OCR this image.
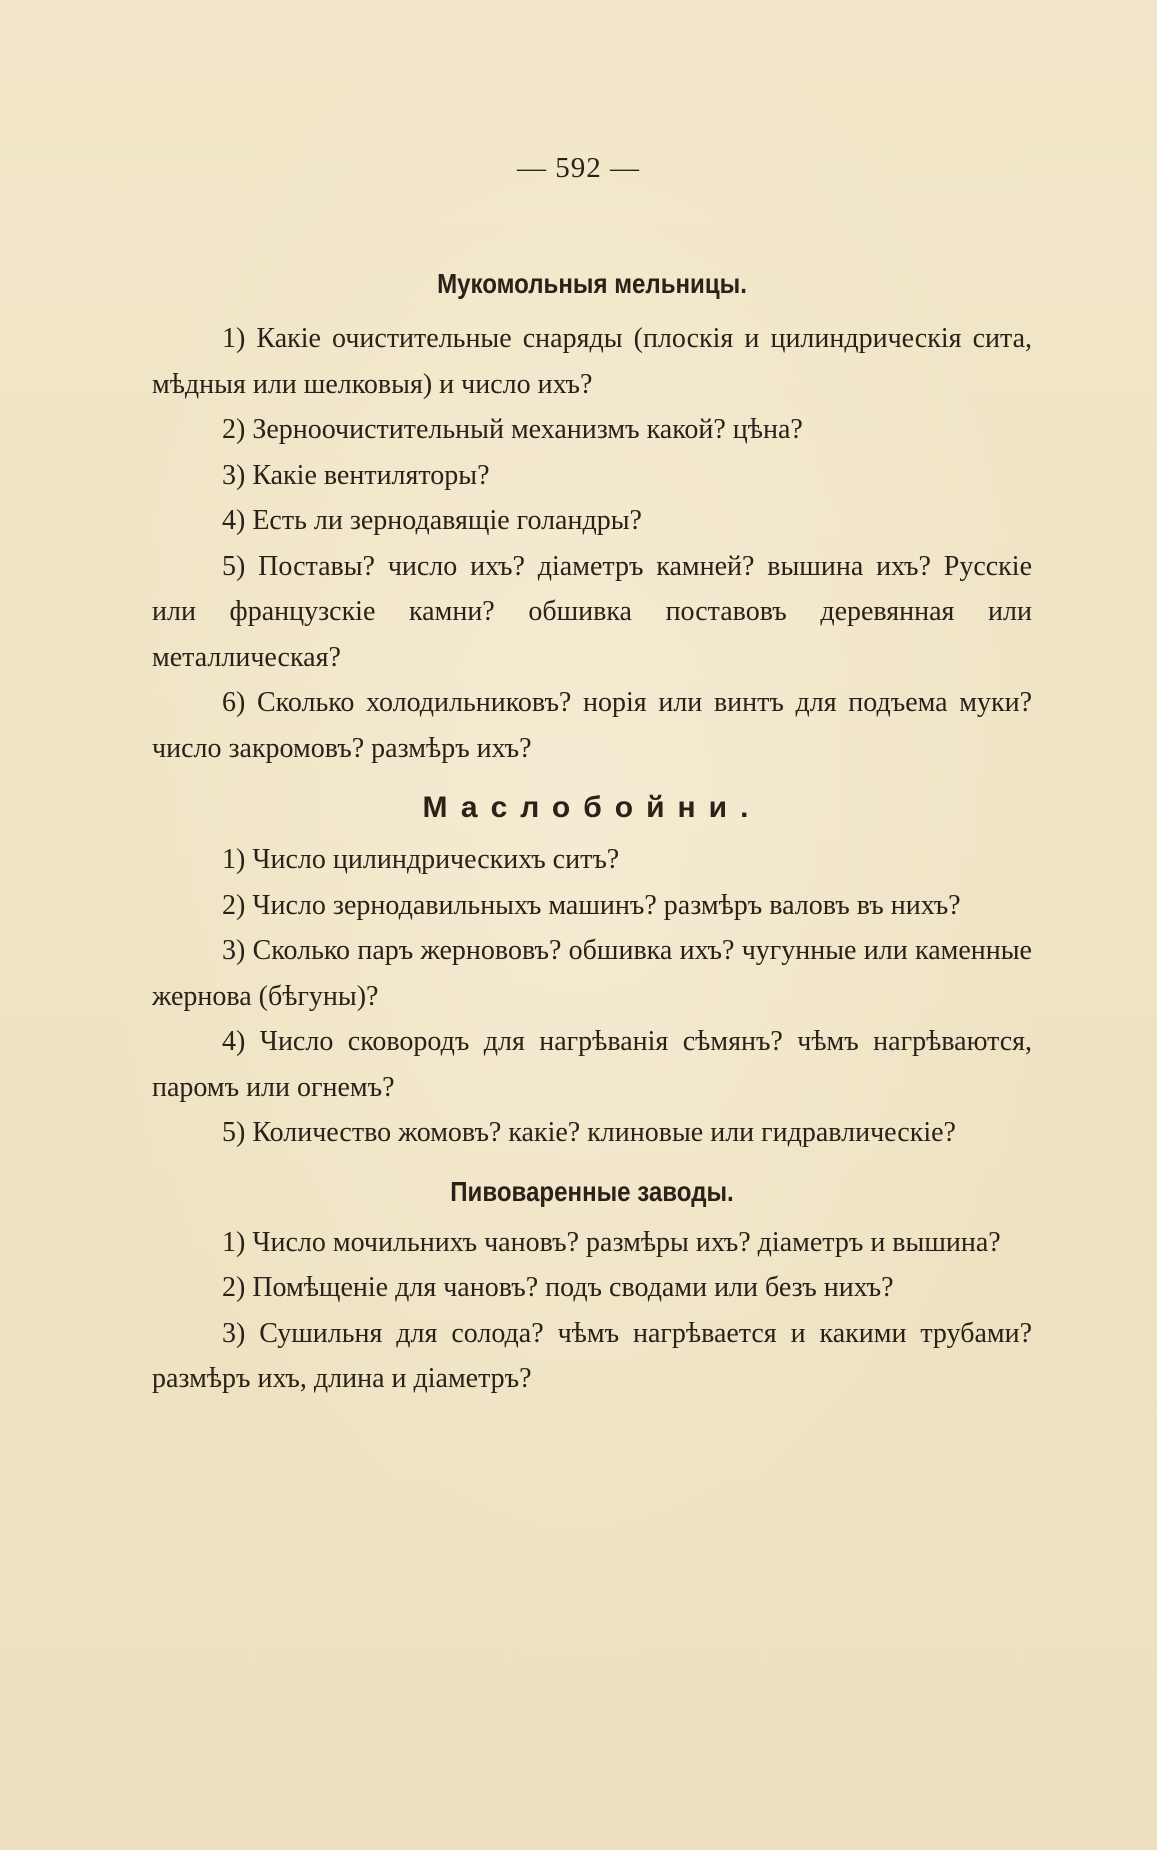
— 592 —
Мукомольныя мельницы.

1) Какіе очистительные снаряды (плоскія и цилиндрическія сита, мѣдныя или шелковыя) и число ихъ?

2) Зерноочистительный механизмъ какой? цѣна?

3) Какіе вентиляторы?

4) Есть ли зернодавящіе голандры?

5) Поставы? число ихъ? діаметръ камней? вышина ихъ? Русскіе или французскіе камни? обшивка поставовъ деревянная или металлическая?

6) Сколько холодильниковъ? норія или винтъ для подъема муки? число закромовъ? размѣръ ихъ?

Маслобойни.

1) Число цилиндрическихъ ситъ?

2) Число зернодавильныхъ машинъ? размѣръ валовъ въ нихъ?

3) Сколько паръ жернововъ? обшивка ихъ? чугунные или каменные жернова (бѣгуны)?

4) Число сковородъ для нагрѣванія сѣмянъ? чѣмъ нагрѣваются, паромъ или огнемъ?

5) Количество жомовъ? какіе? клиновые или гидравлическіе?

Пивоваренные заводы.

1) Число мочильнихъ чановъ? размѣры ихъ? діаметръ и вышина?

2) Помѣщеніе для чановъ? подъ сводами или безъ нихъ?

3) Сушильня для солода? чѣмъ нагрѣвается и какими трубами? размѣръ ихъ, длина и діаметръ?
